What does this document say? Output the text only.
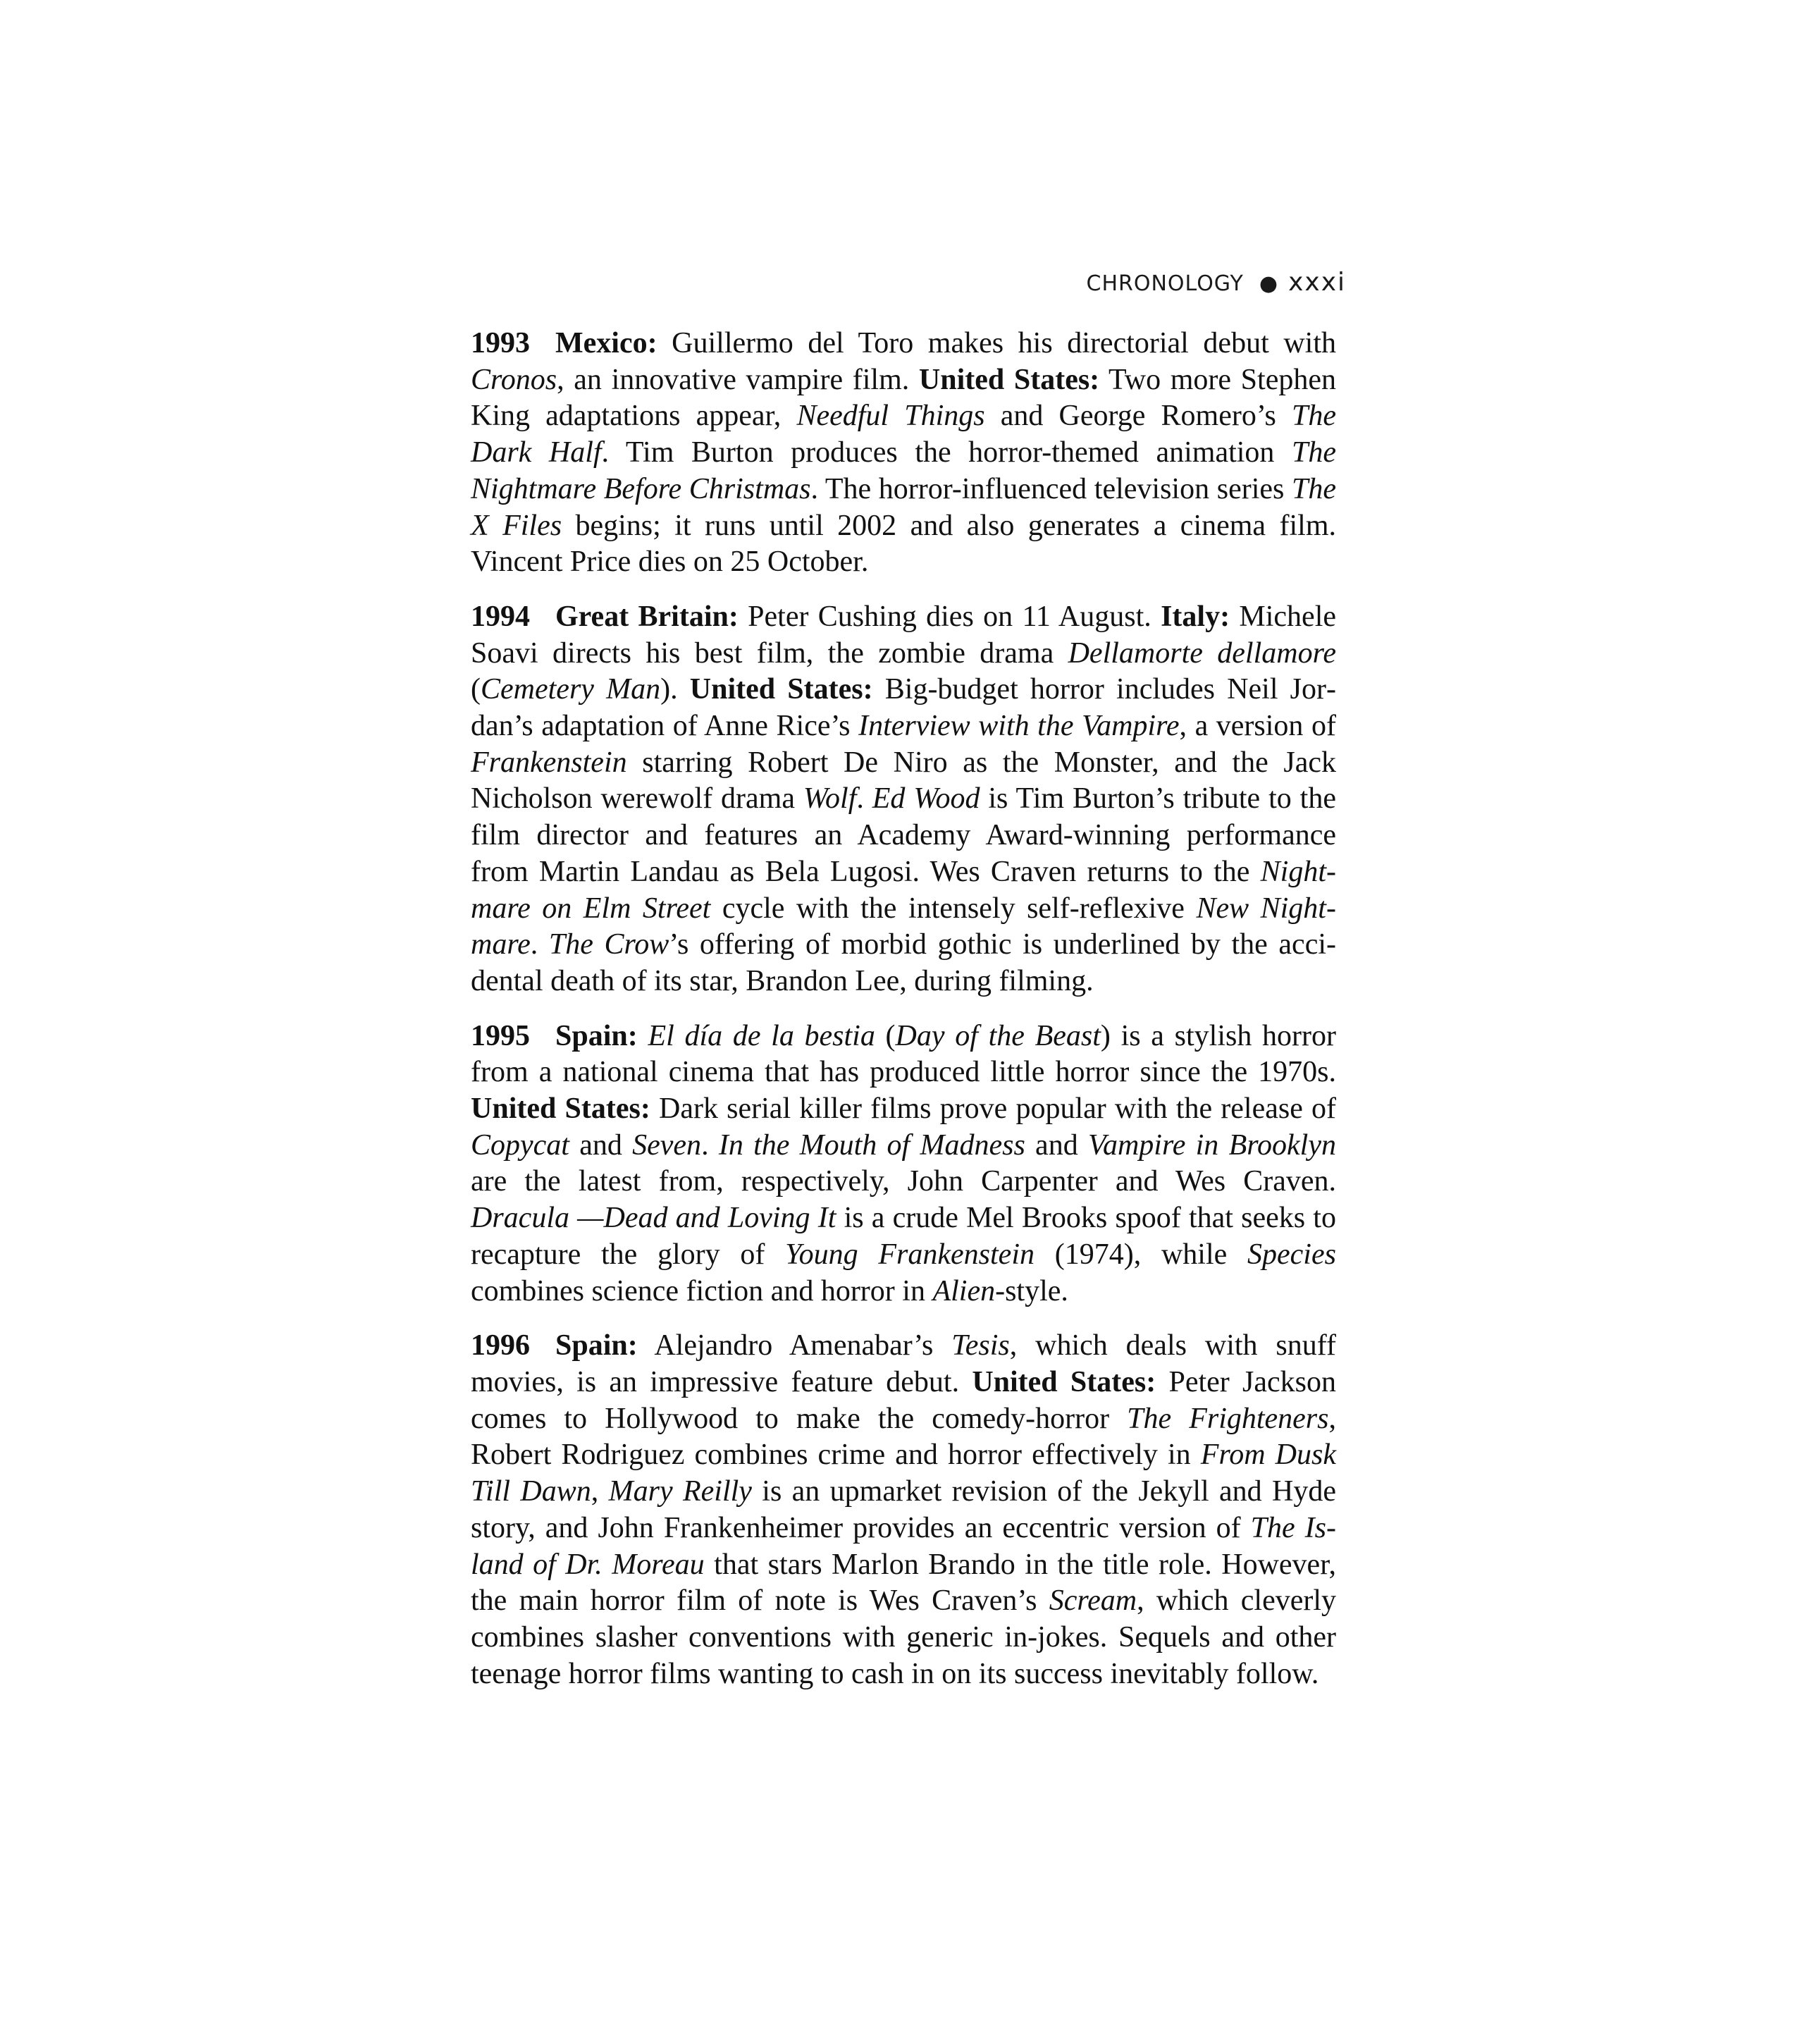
CHRONOLOGY ● xxxi

1993 Mexico: Guillermo del Toro makes his directorial debut with Cronos, an innovative vampire film. United States: Two more Stephen King adaptations appear, Needful Things and George Romero’s The Dark Half. Tim Burton produces the horror-themed animation The Nightmare Before Christmas. The horror-influenced television series The X Files begins; it runs until 2002 and also generates a cinema film. Vincent Price dies on 25 October.

1994 Great Britain: Peter Cushing dies on 11 August. Italy: Michele Soavi directs his best film, the zombie drama Dellamorte dellamore (Cemetery Man). United States: Big-budget horror includes Neil Jordan’s adaptation of Anne Rice’s Interview with the Vampire, a version of Frankenstein starring Robert De Niro as the Monster, and the Jack Nicholson werewolf drama Wolf. Ed Wood is Tim Burton’s tribute to the film director and features an Academy Award-winning performance from Martin Landau as Bela Lugosi. Wes Craven returns to the Nightmare on Elm Street cycle with the intensely self-reflexive New Nightmare. The Crow’s offering of morbid gothic is underlined by the accidental death of its star, Brandon Lee, during filming.

1995 Spain: El día de la bestia (Day of the Beast) is a stylish horror from a national cinema that has produced little horror since the 1970s. United States: Dark serial killer films prove popular with the release of Copycat and Seven. In the Mouth of Madness and Vampire in Brooklyn are the latest from, respectively, John Carpenter and Wes Craven. Dracula —Dead and Loving It is a crude Mel Brooks spoof that seeks to recapture the glory of Young Frankenstein (1974), while Species combines science fiction and horror in Alien-style.

1996 Spain: Alejandro Amenabar’s Tesis, which deals with snuff movies, is an impressive feature debut. United States: Peter Jackson comes to Hollywood to make the comedy-horror The Frighteners, Robert Rodriguez combines crime and horror effectively in From Dusk Till Dawn, Mary Reilly is an upmarket revision of the Jekyll and Hyde story, and John Frankenheimer provides an eccentric version of The Island of Dr. Moreau that stars Marlon Brando in the title role. However, the main horror film of note is Wes Craven’s Scream, which cleverly combines slasher conventions with generic in-jokes. Sequels and other teenage horror films wanting to cash in on its success inevitably follow.
